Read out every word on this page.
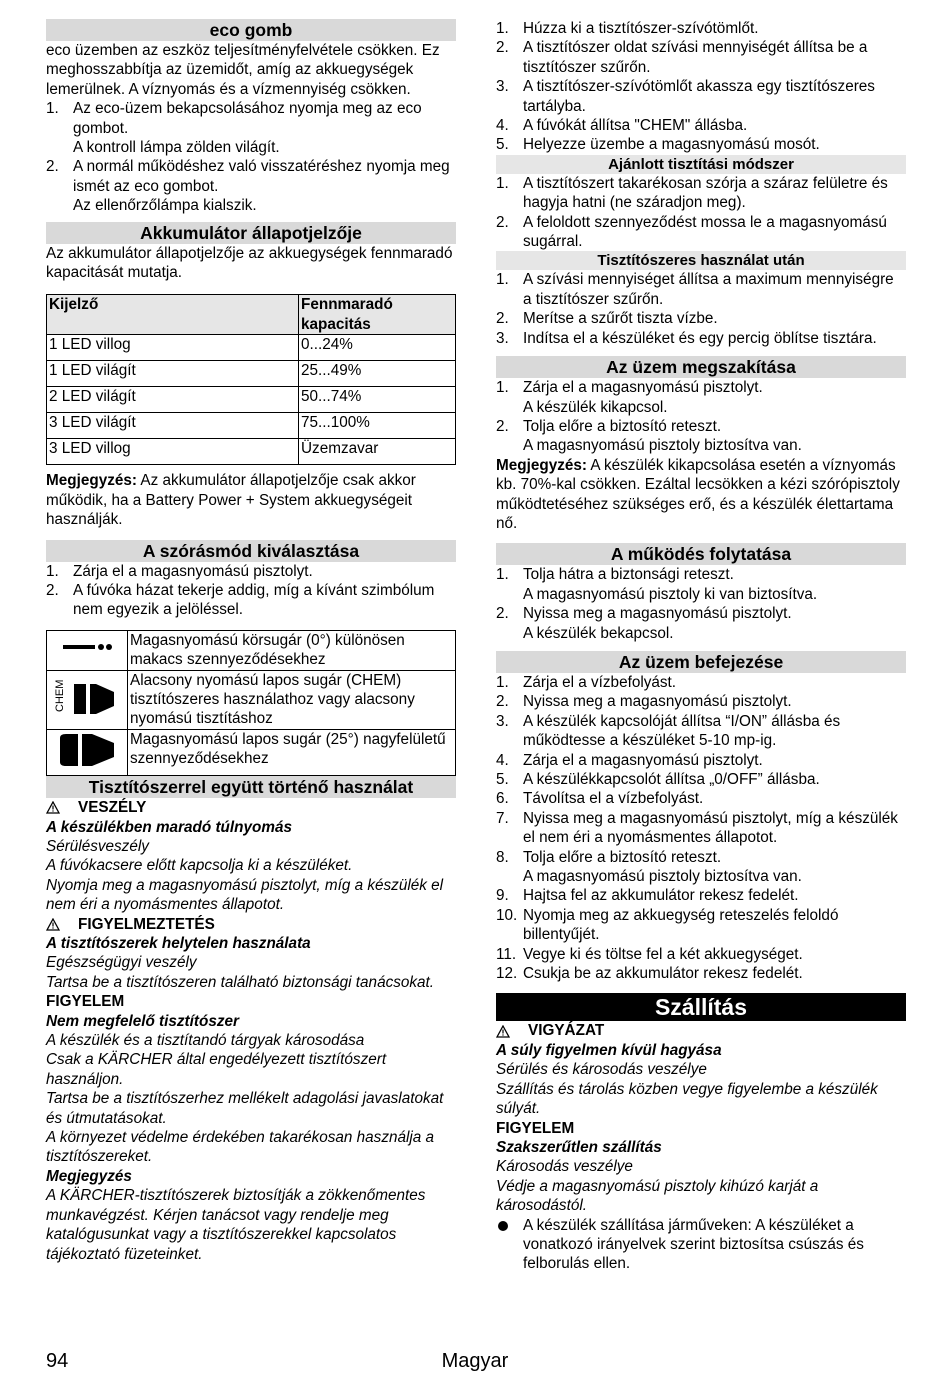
eco gomb

eco üzemben az eszköz teljesítményfelvétele csökken. Ez meghosszabbítja az üzemidőt, amíg az akkuegységek lemerülnek. A víznyomás és a vízmennyiség csökken.

1. Az eco-üzem bekapcsolásához nyomja meg az eco gombot.
A kontroll lámpa zölden világít.
2. A normál működéshez való visszatéréshez nyomja meg ismét az eco gombot.
Az ellenőrzőlámpa kialszik.
Akkumulátor állapotjelzője

Az akkumulátor állapotjelzője az akkuegységek fennmaradó kapacitását mutatja.

Kijelző	Fennmaradó kapacitás
1 LED villog	0...24%
1 LED világít	25...49%
2 LED világít	50...74%
3 LED világít	75...100%
3 LED villog	Üzemzavar

Megjegyzés: Az akkumulátor állapotjelzője csak akkor működik, ha a Battery Power + System akkuegységeit használják.

A szórásmód kiválasztása
1. Zárja el a magasnyomású pisztolyt.
2. A fúvóka házat tekerje addig, míg a kívánt szimbólum nem egyezik a jelöléssel.
	Magasnyomású körsugár (0°) különösen makacs szennyeződésekhez

CHEM	Alacsony nyomású lapos sugár (CHEM) tisztítószeres használathoz vagy alacsony nyomású tisztításhoz
	Magasnyomású lapos sugár (25°) nagyfelületű szennyeződésekhez
Tisztítószerrel együtt történő használat
VESZÉLY

A készülékben maradó túlnyomás

Sérülésveszély

A fúvókacsere előtt kapcsolja ki a készüléket.

Nyomja meg a magasnyomású pisztolyt, míg a készülék el nem éri a nyomásmentes állapotot.

FIGYELMEZTETÉS

A tisztítószerek helytelen használata

Egészségügyi veszély

Tartsa be a tisztítószeren található biztonsági tanácsokat.

FIGYELEM

Nem megfelelő tisztítószer

A készülék és a tisztítandó tárgyak károsodása

Csak a KÄRCHER által engedélyezett tisztítószert használjon.

Tartsa be a tisztítószerhez mellékelt adagolási javaslatokat és útmutatásokat.

A környezet védelme érdekében takarékosan használja a tisztítószereket.

Megjegyzés

A KÄRCHER-tisztítószerek biztosítják a zökkenőmentes munkavégzést. Kérjen tanácsot vagy rendelje meg katalógusunkat vagy a tisztítószerekkel kapcsolatos tájékoztató füzeteinket.

1. Húzza ki a tisztítószer-szívótömlőt.
2. A tisztítószer oldat szívási mennyiségét állítsa be a tisztítószer szűrőn.
3. A tisztítószer-szívótömlőt akassza egy tisztítószeres tartályba.
4. A fúvókát állítsa "CHEM" állásba.
5. Helyezze üzembe a magasnyomású mosót.
Ajánlott tisztítási módszer
1. A tisztítószert takarékosan szórja a száraz felületre és hagyja hatni (ne száradjon meg).
2. A feloldott szennyeződést mossa le a magasnyomású sugárral.
Tisztítószeres használat után
1. A szívási mennyiséget állítsa a maximum mennyiségre a tisztítószer szűrőn.
2. Merítse a szűrőt tiszta vízbe.
3. Indítsa el a készüléket és egy percig öblítse tisztára.
Az üzem megszakítása
1. Zárja el a magasnyomású pisztolyt.
A készülék kikapcsol.
2. Tolja előre a biztosító reteszt.
A magasnyomású pisztoly biztosítva van.

Megjegyzés: A készülék kikapcsolása esetén a víznyomás kb. 70%-kal csökken. Ezáltal lecsökken a kézi szórópisztoly működtetéséhez szükséges erő, és a készülék élettartama nő.

A működés folytatása
1. Tolja hátra a biztonsági reteszt.
A magasnyomású pisztoly ki van biztosítva.
2. Nyissa meg a magasnyomású pisztolyt.
A készülék bekapcsol.
Az üzem befejezése
1. Zárja el a vízbefolyást.
2. Nyissa meg a magasnyomású pisztolyt.
3. A készülék kapcsolóját állítsa “I/ON” állásba és működtesse a készüléket 5-10 mp-ig.
4. Zárja el a magasnyomású pisztolyt.
5. A készülékkapcsolót állítsa „0/OFF” állásba.
6. Távolítsa el a vízbefolyást.
7. Nyissa meg a magasnyomású pisztolyt, míg a készülék el nem éri a nyomásmentes állapotot.
8. Tolja előre a biztosító reteszt.
A magasnyomású pisztoly biztosítva van.
9. Hajtsa fel az akkumulátor rekesz fedelét.
10. Nyomja meg az akkuegység reteszelés feloldó billentyűjét.
11. Vegye ki és töltse fel a két akkuegységet.
12. Csukja be az akkumulátor rekesz fedelét.
Szállítás
VIGYÁZAT

A súly figyelmen kívül hagyása

Sérülés és károsodás veszélye

Szállítás és tárolás közben vegye figyelembe a készülék súlyát.

FIGYELEM

Szakszerűtlen szállítás

Károsodás veszélye

Védje a magasnyomású pisztoly kihúzó karját a károsodástól.

A készülék szállítása járműveken: A készüléket a vonatkozó irányelvek szerint biztosítsa csúszás és felborulás ellen.
94	Magyar
